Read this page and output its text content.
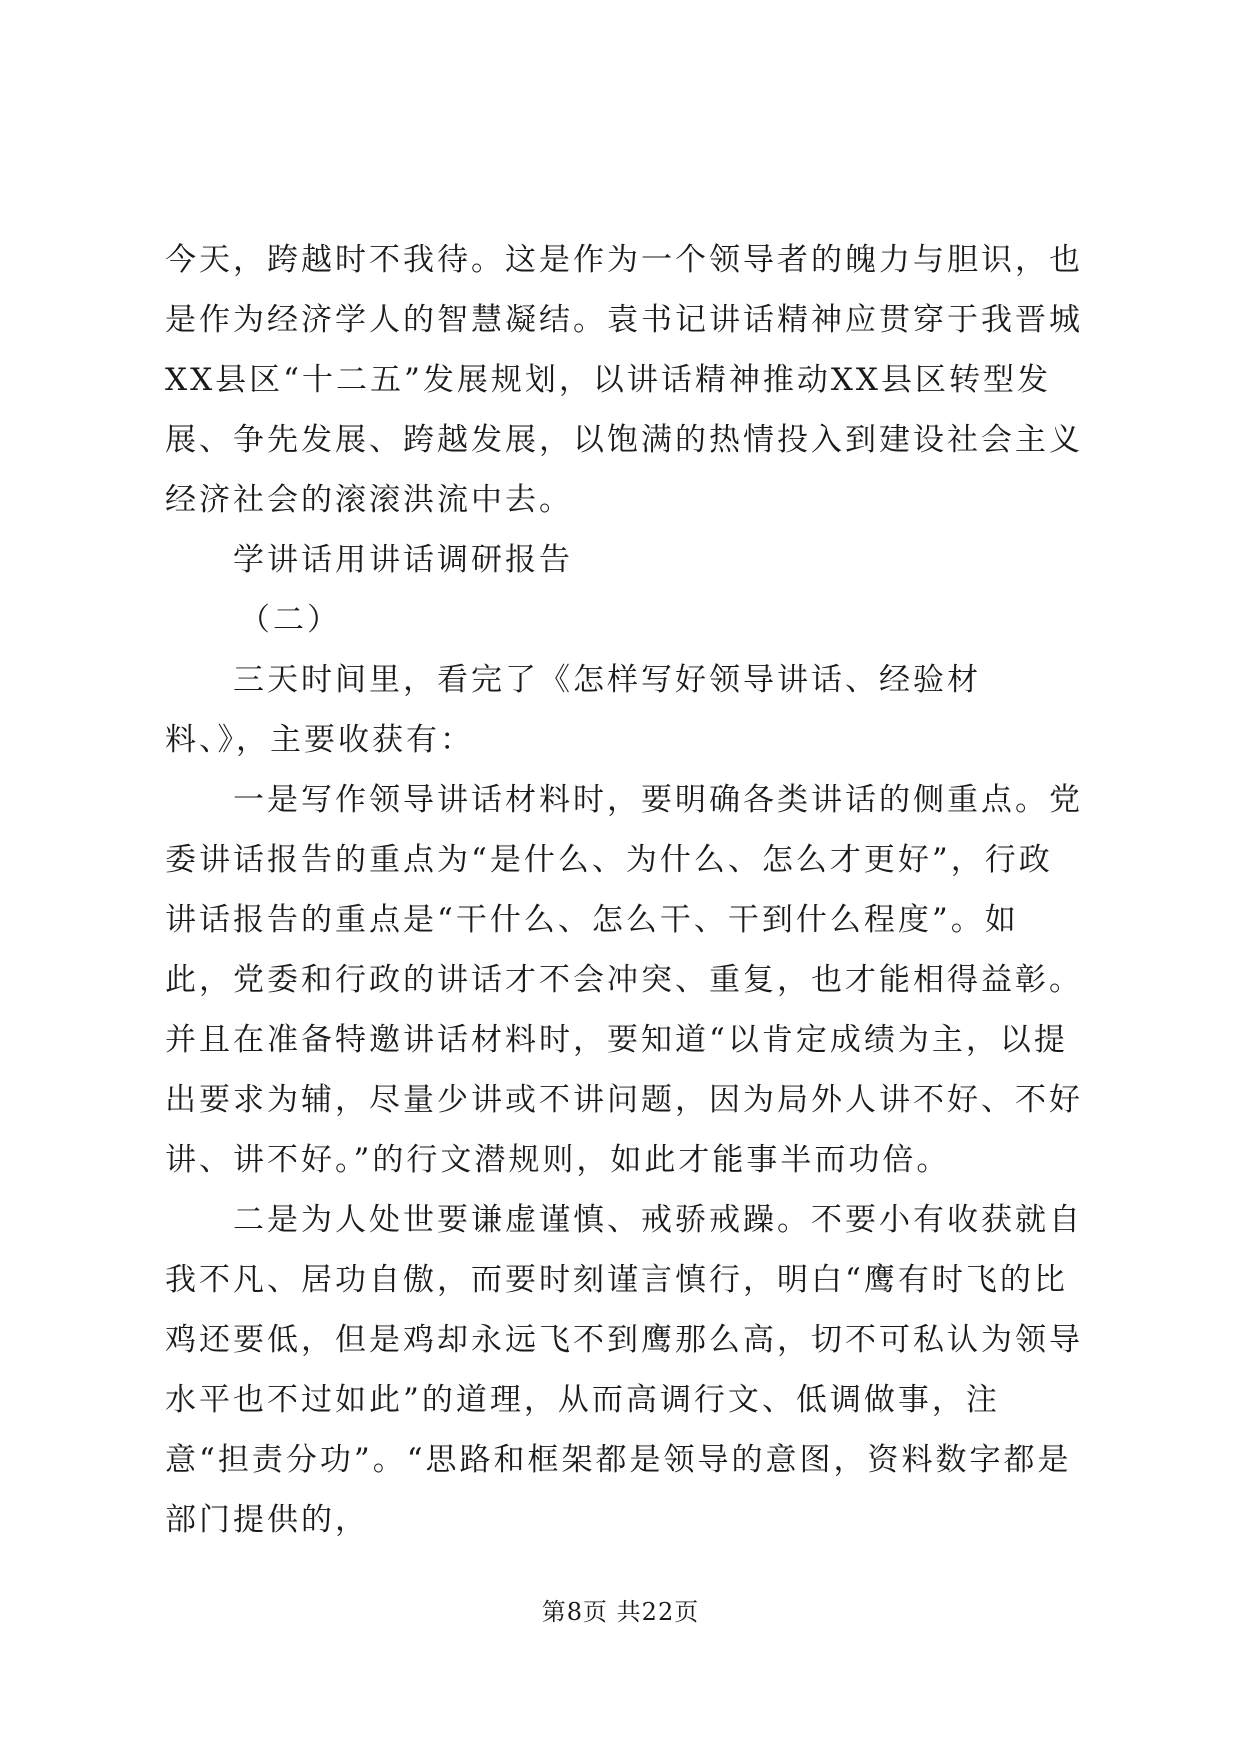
今天，跨越时不我待。这是作为一个领导者的魄力与胆识，也是作为经济学人的智慧凝结。袁书记讲话精神应贯穿于我晋城XX县区“十二五”发展规划，以讲话精神推动XX县区转型发展、争先发展、跨越发展，以饱满的热情投入到建设社会主义经济社会的滚滚洪流中去。

学讲话用讲话调研报告

（二）

三天时间里，看完了《怎样写好领导讲话、经验材料、》，主要收获有：

一是写作领导讲话材料时，要明确各类讲话的侧重点。党委讲话报告的重点为“是什么、为什么、怎么才更好”，行政讲话报告的重点是“干什么、怎么干、干到什么程度”。如此，党委和行政的讲话才不会冲突、重复，也才能相得益彰。并且在准备特邀讲话材料时，要知道“以肯定成绩为主，以提出要求为辅，尽量少讲或不讲问题，因为局外人讲不好、不好讲、讲不好。”的行文潜规则，如此才能事半而功倍。

二是为人处世要谦虚谨慎、戒骄戒躁。不要小有收获就自我不凡、居功自傲，而要时刻谨言慎行，明白“鹰有时飞的比鸡还要低，但是鸡却永远飞不到鹰那么高，切不可私认为领导水平也不过如此”的道理，从而高调行文、低调做事，注意“担责分功”。“思路和框架都是领导的意图，资料数字都是部门提供的，

第8页 共22页
